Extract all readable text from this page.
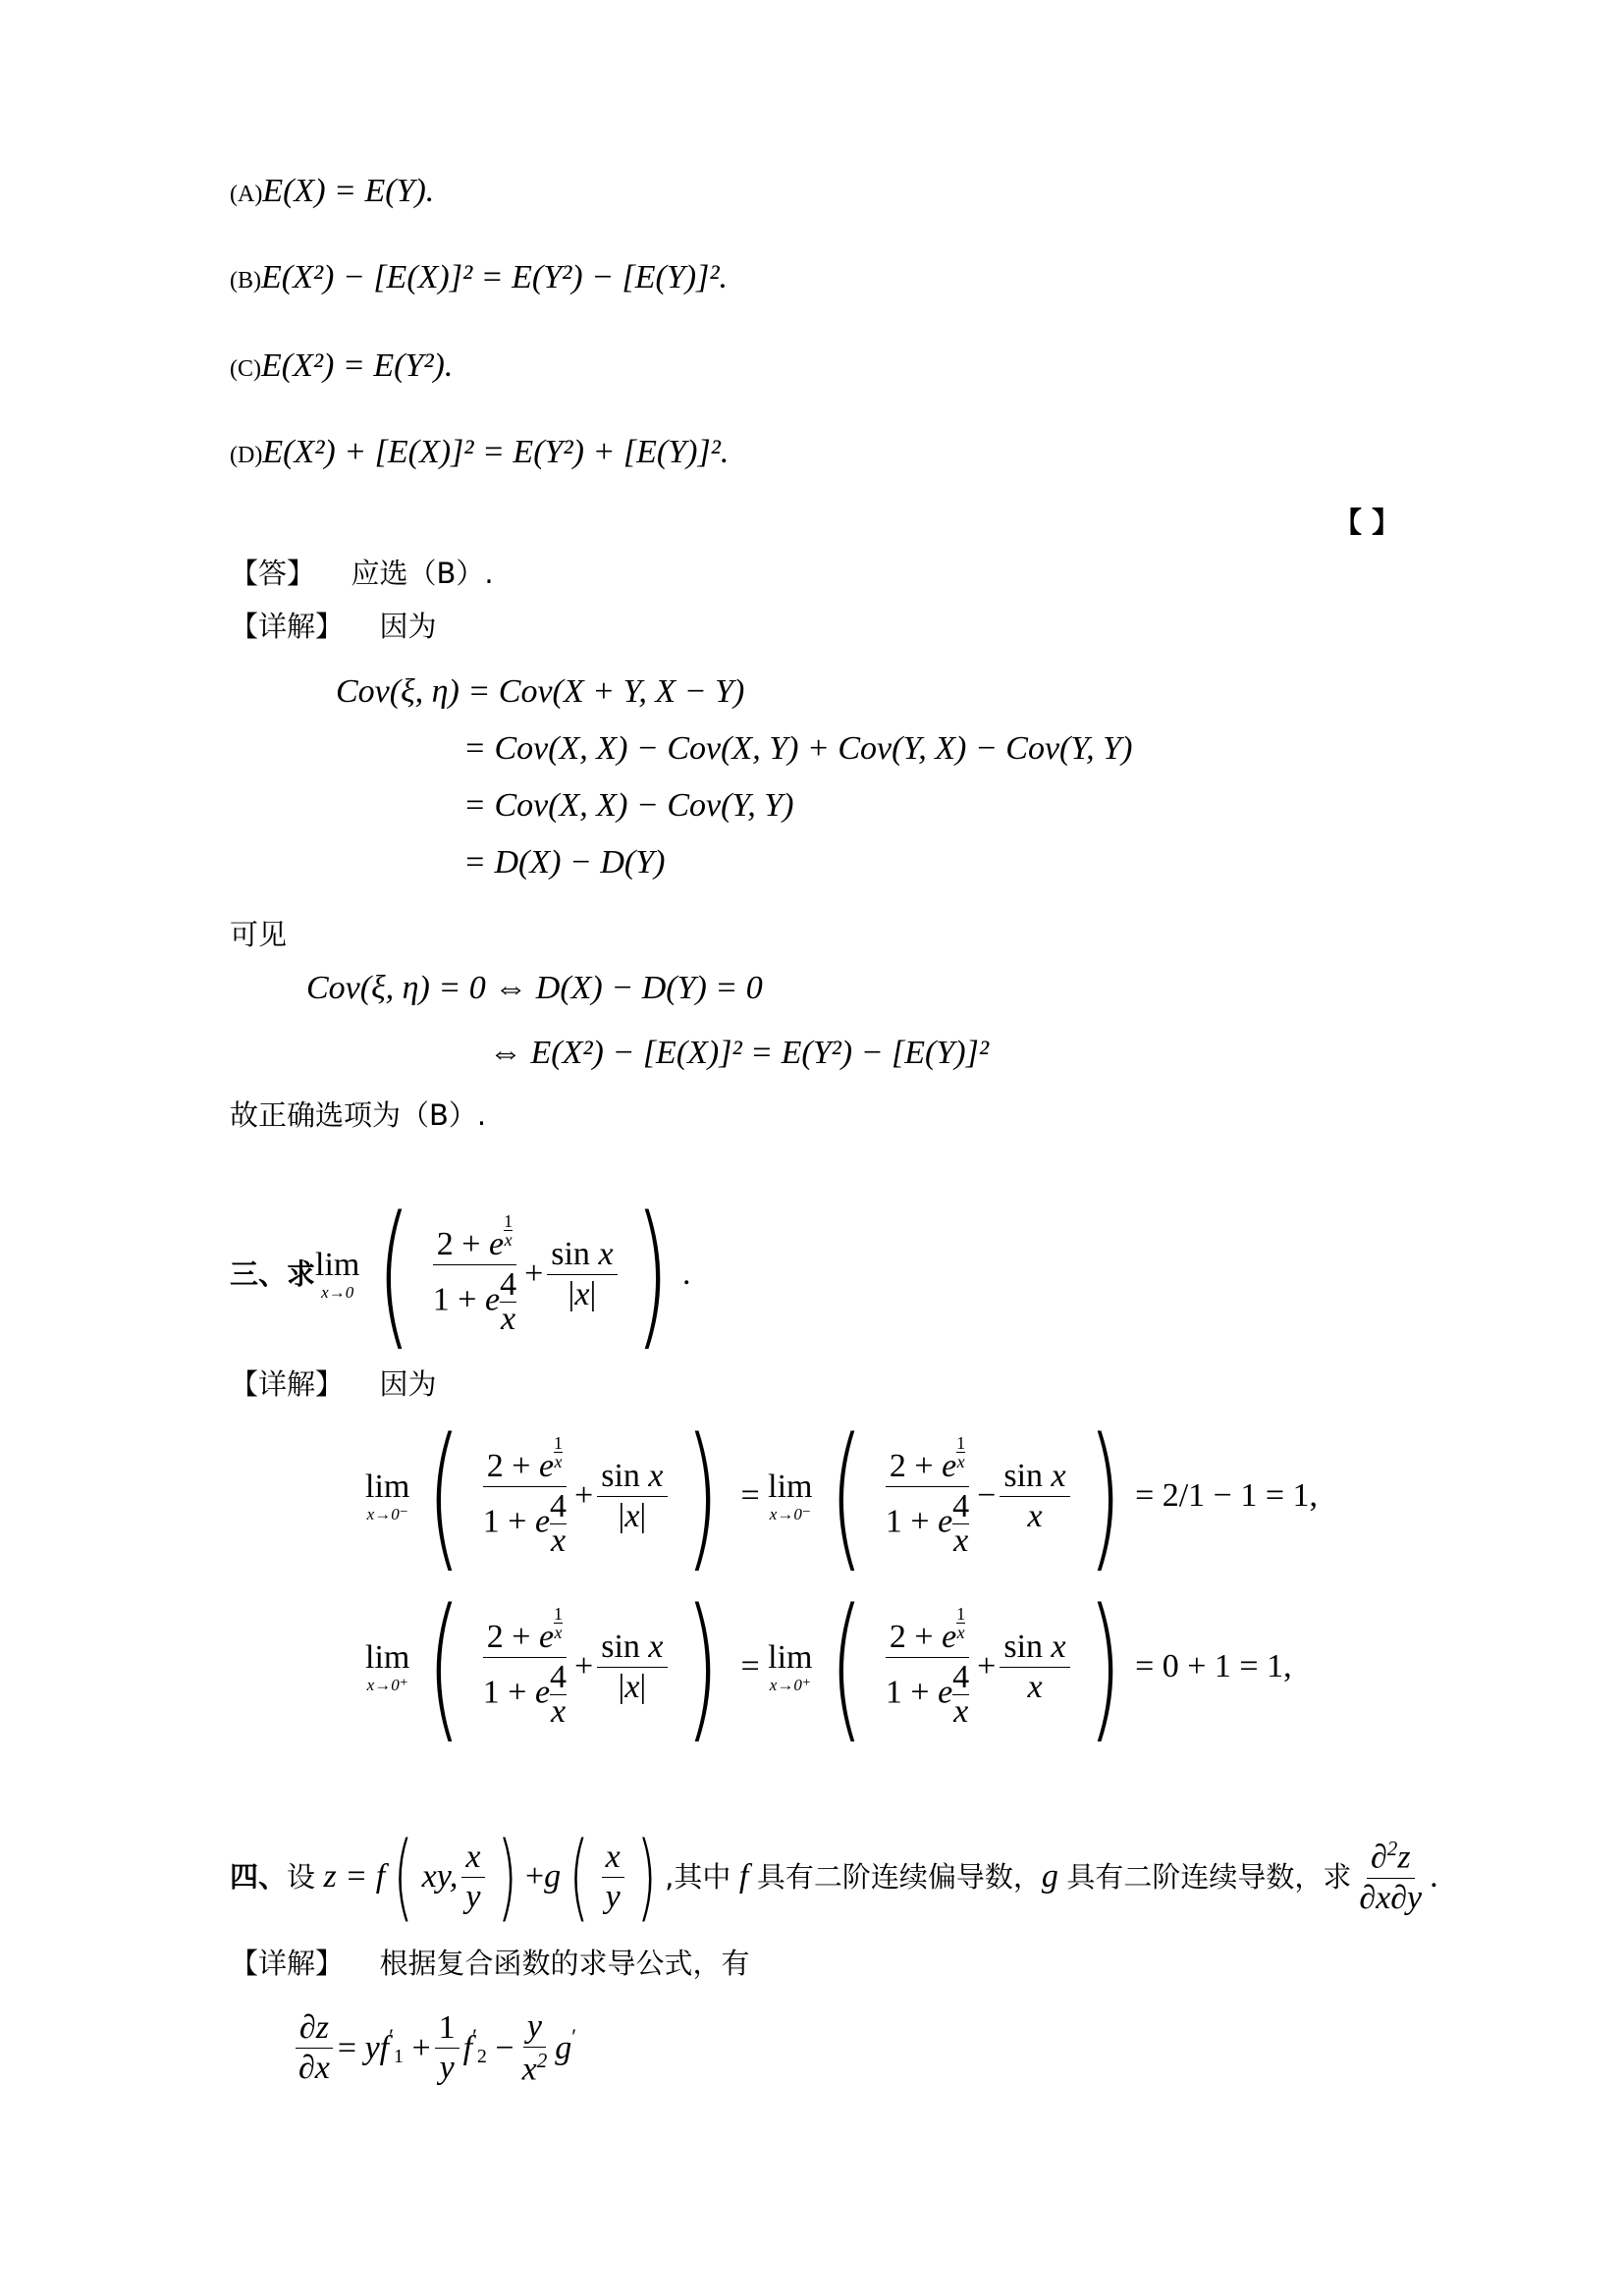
(A)E(X) = E(Y).
(B)E(X²) − [E(X)]² = E(Y²) − [E(Y)]².
(C)E(X²) = E(Y²).
(D)E(X²) + [E(X)]² = E(Y²) + [E(Y)]².
【 】
【答】 应选（B）.
【详解】 因为
Cov(ξ, η) = Cov(X + Y, X − Y)
= Cov(X, X) − Cov(X, Y) + Cov(Y, X) − Cov(Y, Y)
= Cov(X, X) − Cov(Y, Y)
= D(X) − D(Y)
可见
Cov(ξ, η) = 0 ⇔ D(X) − D(Y) = 0
⇔ E(X²) − [E(X)]² = E(Y²) − [E(Y)]²
故正确选项为（B）.
三、求 lim
x→0 ( 2 + e $^{\frac{1}{x}}$
1 + e $\frac{4}{x} + \frac{\text{sin x}}{|x|}$ ) .
【详解】 因为
lim
x→0⁻ ( 2 + e $^{\frac{1}{x}}$
1 + e $\frac{4}{x} + \frac{\text{sin x}}{|x|}$ ) = lim
x→0⁻ ( 2 + e $^{\frac{1}{x}}$
1 + e $\frac{4}{x} - \frac{\text{sin x}}{x}$ ) = 2/1 − 1 = 1,
lim
x→0⁺ ( 2 + e $^{\frac{1}{x}}$
1 + e $\frac{4}{x} + \frac{\text{sin x}}{|x|}$ ) = lim
x→0⁺ ( 2 + e $^{\frac{1}{x}}$
1 + e $\frac{4}{x} + \frac{\text{sin x}}{x}$ ) = 0 + 1 = 1,
四、 设 z = f ( xy, $\frac{x}{y}$ ) + g ( $\frac{x}{y}$ ) ,其中 f 具有二阶连续偏导数， g 具有二阶连续导数，求 $\frac{\partial^2z}{\partial x\partial y}$ .
【详解】 根据复合函数的求导公式，有
$\frac{\partial z}{\partial x}$ = yf ′
$1 + \frac{1}{y}$ f ′
$2 - \frac{y}{x^2}$ g ′
